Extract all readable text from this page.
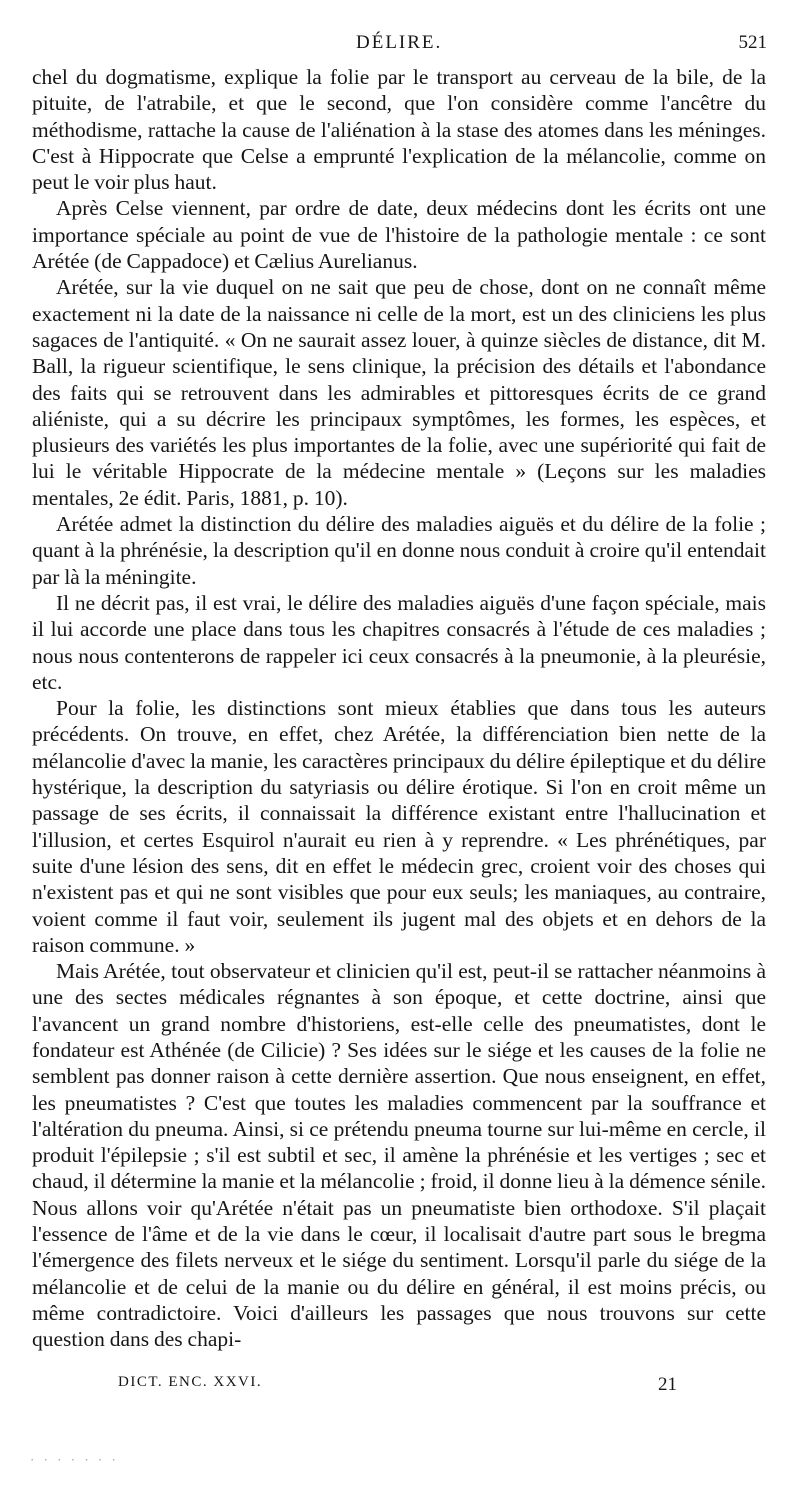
DÉLIRE.	521

chel du dogmatisme, explique la folie par le transport au cerveau de la bile, de la pituite, de l'atrabile, et que le second, que l'on considère comme l'ancêtre du méthodisme, rattache la cause de l'aliénation à la stase des atomes dans les méninges. C'est à Hippocrate que Celse a emprunté l'explication de la mélancolie, comme on peut le voir plus haut.

Après Celse viennent, par ordre de date, deux médecins dont les écrits ont une importance spéciale au point de vue de l'histoire de la pathologie mentale : ce sont Arétée (de Cappadoce) et Cælius Aurelianus.

Arétée, sur la vie duquel on ne sait que peu de chose, dont on ne connaît même exactement ni la date de la naissance ni celle de la mort, est un des cliniciens les plus sagaces de l'antiquité. « On ne saurait assez louer, à quinze siècles de distance, dit M. Ball, la rigueur scientifique, le sens clinique, la précision des détails et l'abondance des faits qui se retrouvent dans les admirables et pittoresques écrits de ce grand aliéniste, qui a su décrire les principaux symptômes, les formes, les espèces, et plusieurs des variétés les plus importantes de la folie, avec une supériorité qui fait de lui le véritable Hippocrate de la médecine mentale » (Leçons sur les maladies mentales, 2e édit. Paris, 1881, p. 10).

Arétée admet la distinction du délire des maladies aiguës et du délire de la folie ; quant à la phrénésie, la description qu'il en donne nous conduit à croire qu'il entendait par là la méningite.

Il ne décrit pas, il est vrai, le délire des maladies aiguës d'une façon spéciale, mais il lui accorde une place dans tous les chapitres consacrés à l'étude de ces maladies ; nous nous contenterons de rappeler ici ceux consacrés à la pneumonie, à la pleurésie, etc.

Pour la folie, les distinctions sont mieux établies que dans tous les auteurs précédents. On trouve, en effet, chez Arétée, la différenciation bien nette de la mélancolie d'avec la manie, les caractères principaux du délire épileptique et du délire hystérique, la description du satyriasis ou délire érotique. Si l'on en croit même un passage de ses écrits, il connaissait la différence existant entre l'hallucination et l'illusion, et certes Esquirol n'aurait eu rien à y reprendre. « Les phrénétiques, par suite d'une lésion des sens, dit en effet le médecin grec, croient voir des choses qui n'existent pas et qui ne sont visibles que pour eux seuls; les maniaques, au contraire, voient comme il faut voir, seulement ils jugent mal des objets et en dehors de la raison commune. »

Mais Arétée, tout observateur et clinicien qu'il est, peut-il se rattacher néanmoins à une des sectes médicales régnantes à son époque, et cette doctrine, ainsi que l'avancent un grand nombre d'historiens, est-elle celle des pneumatistes, dont le fondateur est Athénée (de Cilicie) ? Ses idées sur le siége et les causes de la folie ne semblent pas donner raison à cette dernière assertion. Que nous enseignent, en effet, les pneumatistes ? C'est que toutes les maladies commencent par la souffrance et l'altération du pneuma. Ainsi, si ce prétendu pneuma tourne sur lui-même en cercle, il produit l'épilepsie ; s'il est subtil et sec, il amène la phrénésie et les vertiges ; sec et chaud, il détermine la manie et la mélancolie ; froid, il donne lieu à la démence sénile. Nous allons voir qu'Arétée n'était pas un pneumatiste bien orthodoxe. S'il plaçait l'essence de l'âme et de la vie dans le cœur, il localisait d'autre part sous le bregma l'émergence des filets nerveux et le siége du sentiment. Lorsqu'il parle du siége de la mélancolie et de celui de la manie ou du délire en général, il est moins précis, ou même contradictoire. Voici d'ailleurs les passages que nous trouvons sur cette question dans des chapi-

DICT. ENC. XXVI.	21
· · · · · · ·
